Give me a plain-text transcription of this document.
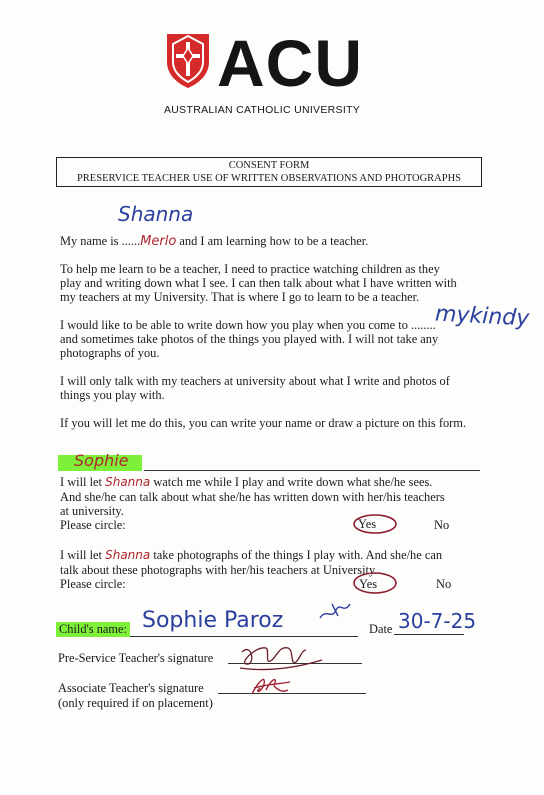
ACU
AUSTRALIAN CATHOLIC UNIVERSITY
CONSENT FORM
PRESERVICE TEACHER USE OF WRITTEN OBSERVATIONS AND PHOTOGRAPHS
Shanna
My name is ......Merlo and I am learning how to be a teacher.
To help me learn to be a teacher, I need to practice watching children as they
play and writing down what I see. I can then talk about what I have written with
my teachers at my University. That is where I go to learn to be a teacher.
I would like to be able to write down how you play when you come to ........
mykindy
and sometimes take photos of the things you played with. I will not take any
photographs of you.
I will only talk with my teachers at university about what I write and photos of
things you play with.
If you will let me do this, you can write your name or draw a picture on this form.
Sophie
I will let Shanna watch me while I play and write down what she/he sees.
And she/he can talk about what she/he has written down with her/his teachers
at university.
Please circle:	Yes	No
I will let Shanna take photographs of the things I play with. And she/he can
talk about these photographs with her/his teachers at University.
Please circle:	Yes	No
Child's name: Sophie Paroz	Date 30-7-25
Pre-Service Teacher's signature
Associate Teacher's signature
(only required if on placement)
